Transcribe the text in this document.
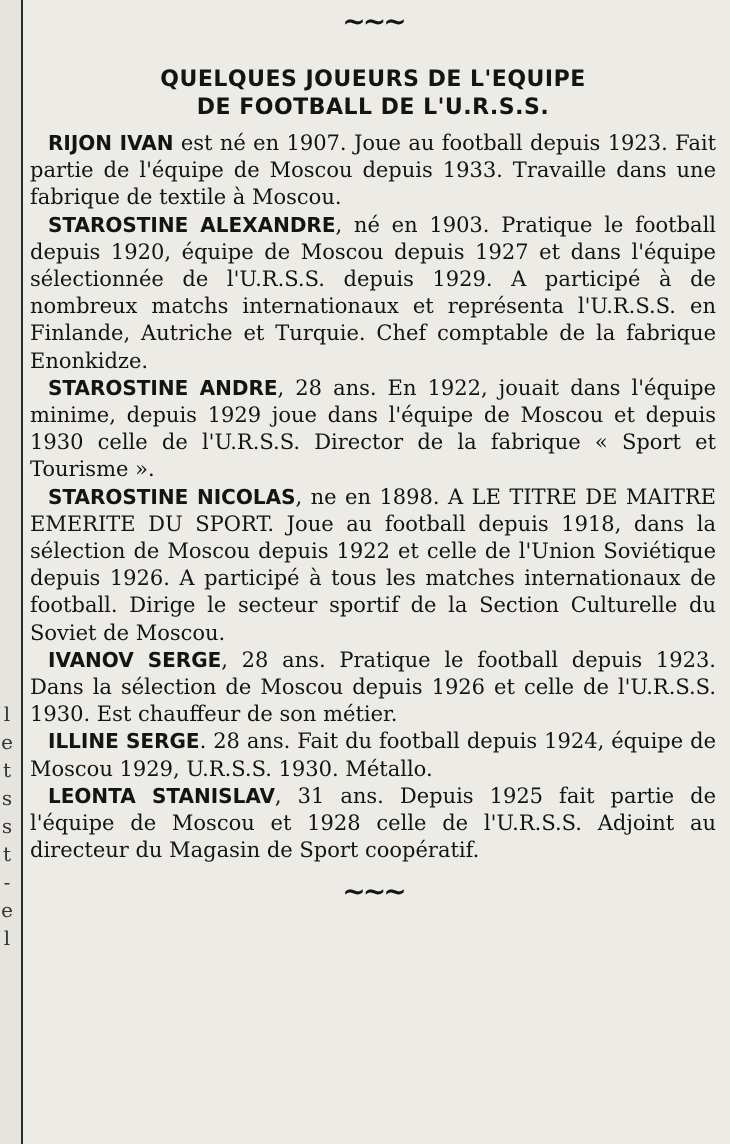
l
e
t
s
s
t
-
e
l
~~~
QUELQUES JOUEURS DE L'EQUIPE
DE FOOTBALL DE L'U.R.S.S.

RIJON IVAN est né en 1907. Joue au football depuis 1923. Fait partie de l'équipe de Moscou depuis 1933. Travaille dans une fabrique de textile à Moscou.

STAROSTINE ALEXANDRE, né en 1903. Pratique le football depuis 1920, équipe de Moscou depuis 1927 et dans l'équipe sélectionnée de l'U.R.S.S. depuis 1929. A participé à de nombreux matchs internationaux et représenta l'U.R.S.S. en Finlande, Autriche et Turquie. Chef comptable de la fabrique Enonkidze.

STAROSTINE ANDRE, 28 ans. En 1922, jouait dans l'équipe minime, depuis 1929 joue dans l'équipe de Moscou et depuis 1930 celle de l'U.R.S.S. Director de la fabrique « Sport et Tourisme ».

STAROSTINE NICOLAS, ne en 1898. A LE TITRE DE MAITRE EMERITE DU SPORT. Joue au football depuis 1918, dans la sélection de Moscou depuis 1922 et celle de l'Union Soviétique depuis 1926. A participé à tous les matches internationaux de football. Dirige le secteur sportif de la Section Culturelle du Soviet de Moscou.

IVANOV SERGE, 28 ans. Pratique le football depuis 1923. Dans la sélection de Moscou depuis 1926 et celle de l'U.R.S.S. 1930. Est chauffeur de son métier.

ILLINE SERGE. 28 ans. Fait du football depuis 1924, équipe de Moscou 1929, U.R.S.S. 1930. Métallo.

LEONTA STANISLAV, 31 ans. Depuis 1925 fait partie de l'équipe de Moscou et 1928 celle de l'U.R.S.S. Adjoint au directeur du Magasin de Sport coopératif.

~~~
